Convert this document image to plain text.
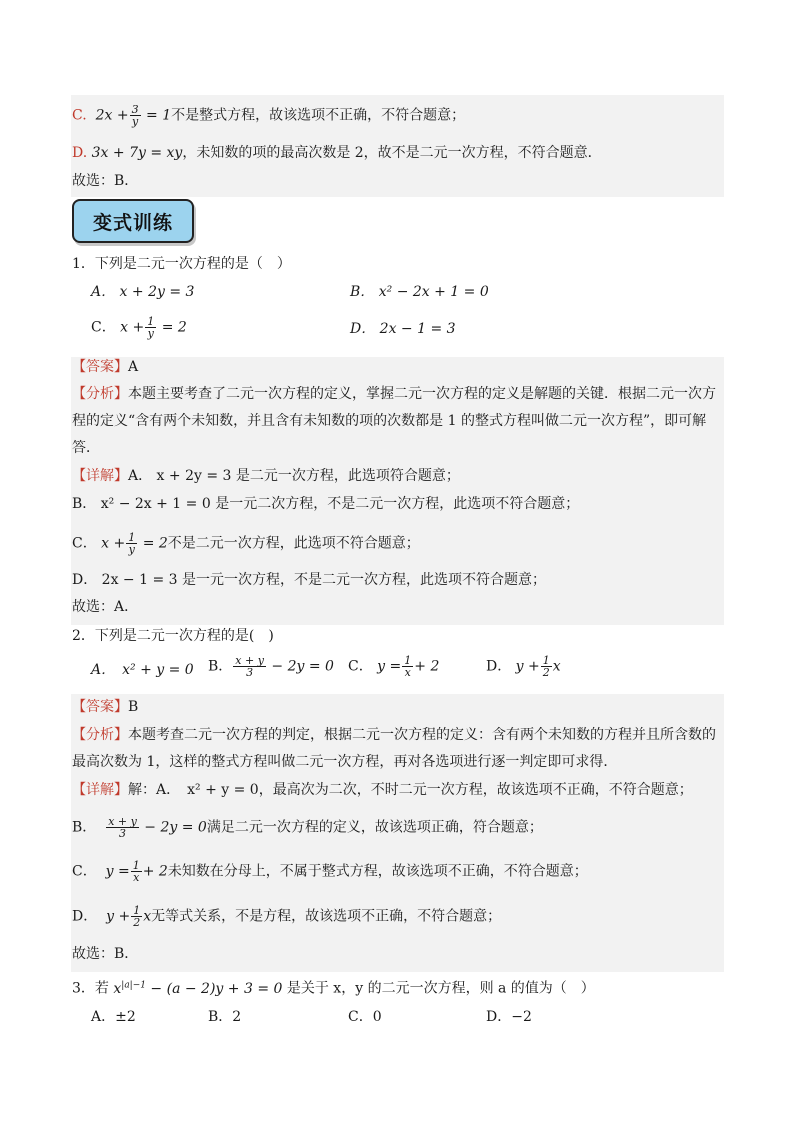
C.  $2x + \frac{3}{y} = 1$不是整式方程，故该选项不正确，不符合题意；
D. 3x + 7y = xy，未知数的项的最高次数是 2，故不是二元一次方程，不符合题意．
故选：B．
变式训练
1．下列是二元一次方程的是（　）
A． x + 2y = 3	B． x² − 2x + 1 = 0
C． $x + \frac{1}{y} = 2$	D． 2x − 1 = 3
【答案】A
【分析】本题主要考查了二元一次方程的定义，掌握二元一次方程的定义是解题的关键．根据二元一次方
程的定义“含有两个未知数，并且含有未知数的项的次数都是 1 的整式方程叫做二元一次方程”，即可解
答．
【详解】A． x + 2y = 3 是二元一次方程，此选项符合题意；
B． x² − 2x + 1 = 0 是一元二次方程，不是二元一次方程，此选项不符合题意；
C． $x + \frac{1}{y} = 2$不是二元一次方程，此选项不符合题意；
D． 2x − 1 = 3 是一元一次方程，不是二元一次方程，此选项不符合题意；
故选：A．
2．下列是二元一次方程的是(　)
A．　x² + y = 0 B． $\frac{x + y}{3} - 2y = 0$ C． $y = \frac{1}{x} + 2$	D． $y + \frac{1}{2}$ x
【答案】B
【分析】本题考查二元一次方程的判定，根据二元一次方程的定义：含有两个未知数的方程并且所含数的
最高次数为 1，这样的整式方程叫做二元一次方程，再对各选项进行逐一判定即可求得．
【详解】解：A．　x² + y = 0，最高次为二次，不时二元一次方程，故该选项不正确，不符合题意；
B． $\frac{x + y}{3} - 2y = 0$满足二元一次方程的定义，故该选项正确，符合题意；
C． $y = \frac{1}{x} + 2$未知数在分母上，不属于整式方程，故该选项不正确，不符合题意；
D． $y + \frac{1}{2}$ x无等式关系，不是方程，故该选项不正确，不符合题意；
故选：B．
3．若 $x^{|a|-1} - (a - 2)y + 3 = 0$ 是关于 x，y 的二元一次方程，则 a 的值为（　）
A．±2	B．2	C．0	D．−2
